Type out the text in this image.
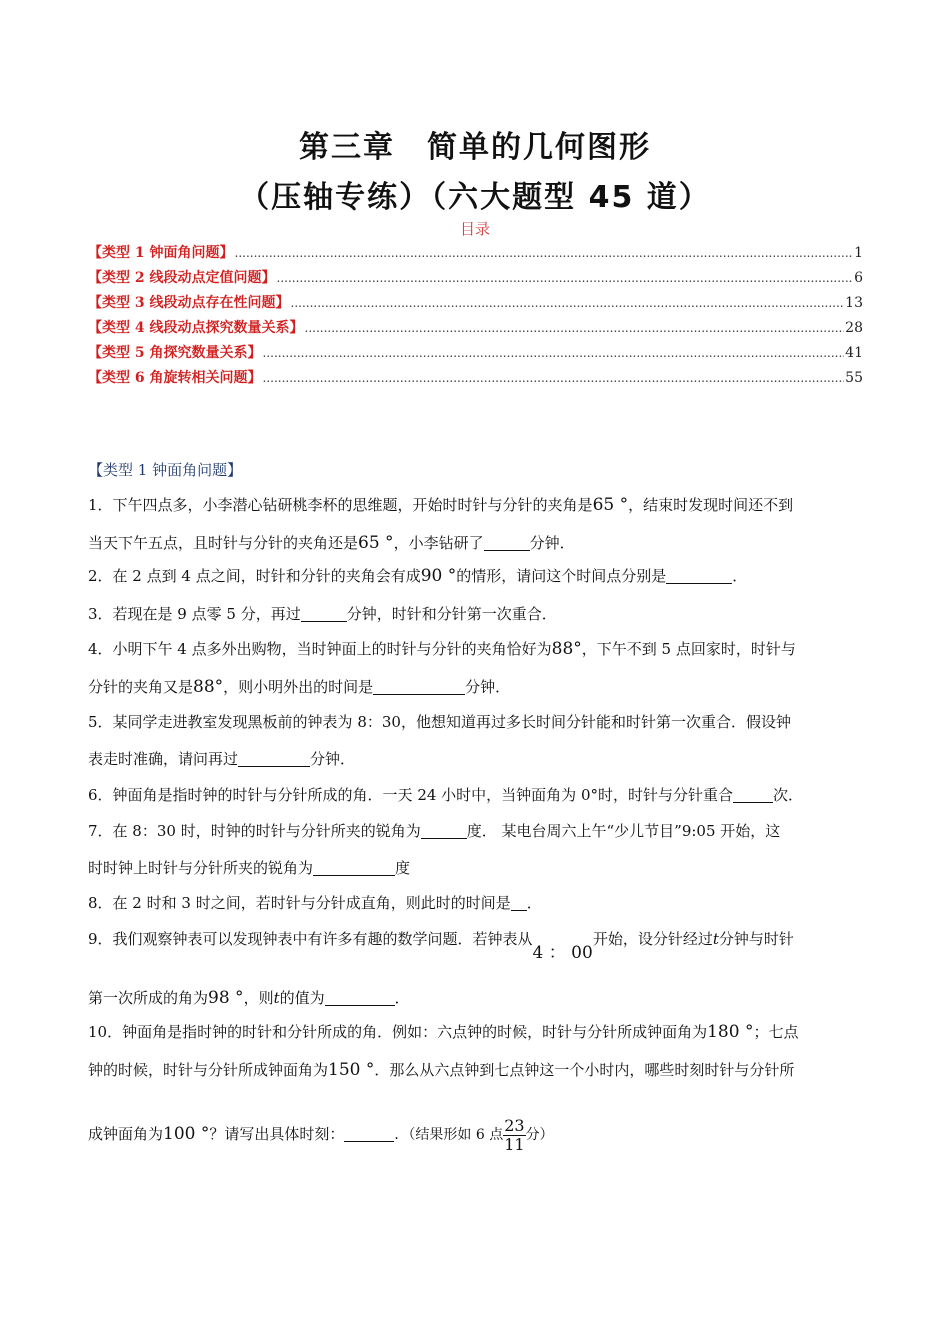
第三章　简单的几何图形
（压轴专练）（六大题型 45 道）
目录
【类型 1 钟面角问题】 .....	1
【类型 2 线段动点定值问题】 .....	6
【类型 3 线段动点存在性问题】 .....	13
【类型 4 线段动点探究数量关系】 .....	28
【类型 5 角探究数量关系】 .....	41
【类型 6 角旋转相关问题】 .....	55
【类型 1 钟面角问题】
1．下午四点多，小李潜心钻研桃李杯的思维题，开始时时针与分针的夹角是65 °，结束时发现时间还不到
当天下午五点，且时针与分针的夹角还是65 °，小李钻研了	分钟．
2．在 2 点到 4 点之间，时针和分针的夹角会有成90 °的情形，请问这个时间点分别是	．
3．若现在是 9 点零 5 分，再过	分钟，时针和分针第一次重合．
4．小明下午 4 点多外出购物，当时钟面上的时针与分针的夹角恰好为88°，下午不到 5 点回家时，时针与
分针的夹角又是88°，则小明外出的时间是	分钟．
5．某同学走进教室发现黑板前的钟表为 8：30，他想知道再过多长时间分针能和时针第一次重合．假设钟
表走时准确，请问再过	分钟．
6．钟面角是指时钟的时针与分针所成的角．一天 24 小时中，当钟面角为 0°时，时针与分针重合	次．
7．在 8：30 时，时钟的时针与分针所夹的锐角为	度． 某电台周六上午“少儿节目”9:05 开始，这
时时钟上时针与分针所夹的锐角为	度
8．在 2 时和 3 时之间，若时针与分针成直角，则此时的时间是 ．
9．我们观察钟表可以发现钟表中有许多有趣的数学问题．若钟表从4 ： 00开始，设分针经过t分钟与时针
第一次所成的角为98 °，则t的值为	．
10．钟面角是指时钟的时针和分针所成的角．例如：六点钟的时候，时针与分针所成钟面角为180 °；七点
钟的时候，时针与分针所成钟面角为150 °．那么从六点钟到七点钟这一个小时内，哪些时刻时针与分针所
成钟面角为100 °？请写出具体时刻：	．（结果形如 6 点 $\frac{23}{11}$ 分）
